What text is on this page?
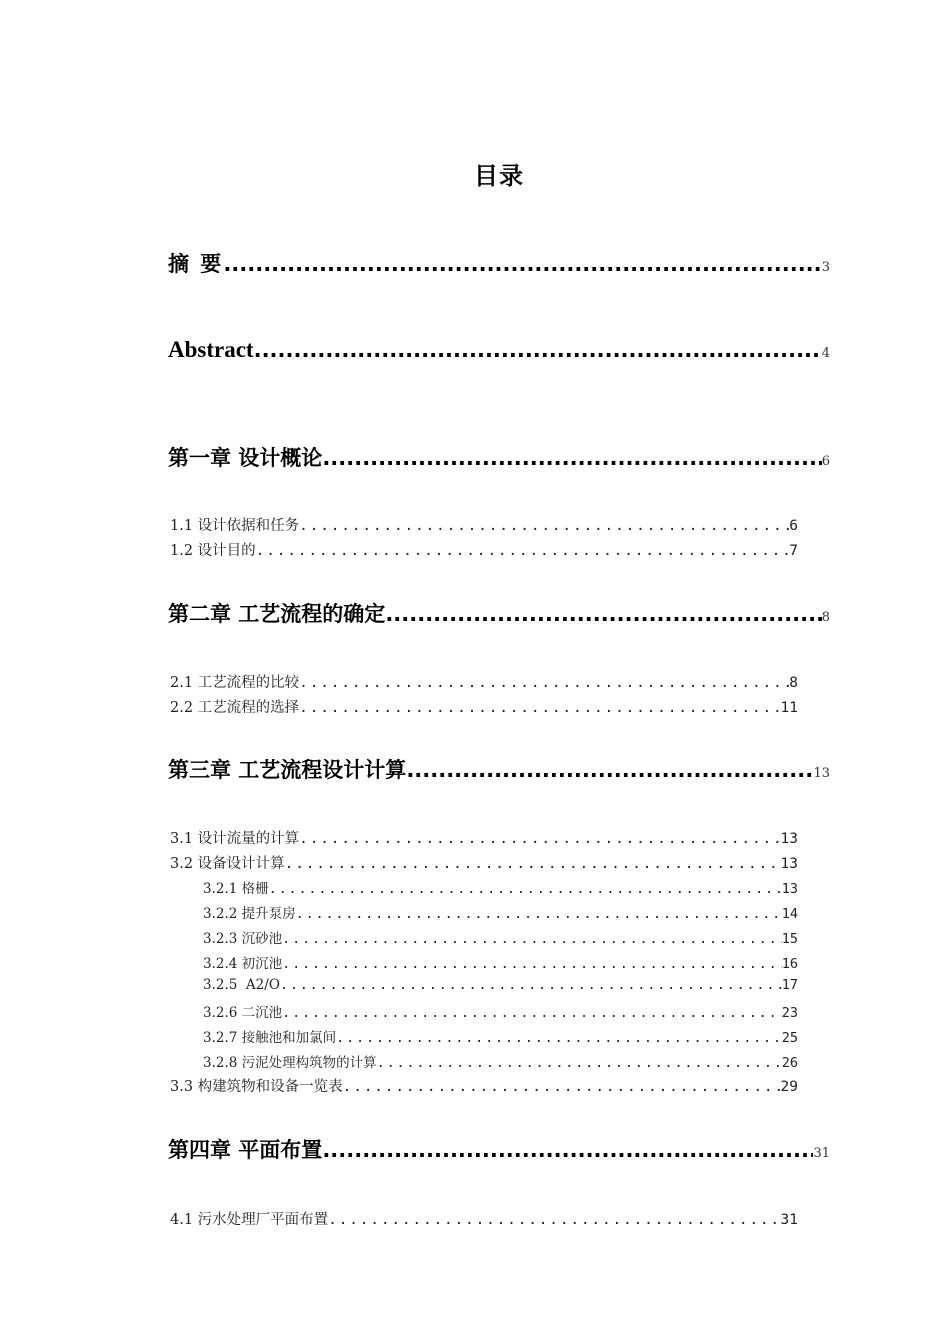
目录
摘 要 .....	3
Abstract .....	4
第一章 设计概论 .....	6
1.1 设计依据和任务 .....	6
1.2 设计目的 .....	7
第二章 工艺流程的确定 .....	8
2.1 工艺流程的比较 .....	8
2.2 工艺流程的选择 .....	11
第三章 工艺流程设计计算 .....	13
3.1 设计流量的计算 .....	13
3.2 设备设计计算 .....	13
3.2.1 格栅 .....	13
3.2.2 提升泵房 .....	14
3.2.3 沉砂池 .....	15
3.2.4 初沉池 .....	16
3.2.5  A2/O .....	17
3.2.6 二沉池 .....	23
3.2.7 接触池和加氯间 .....	25
3.2.8 污泥处理构筑物的计算 .....	26
3.3 构建筑物和设备一览表 .....	29
第四章 平面布置 .....	31
4.1 污水处理厂平面布置 .....	31
